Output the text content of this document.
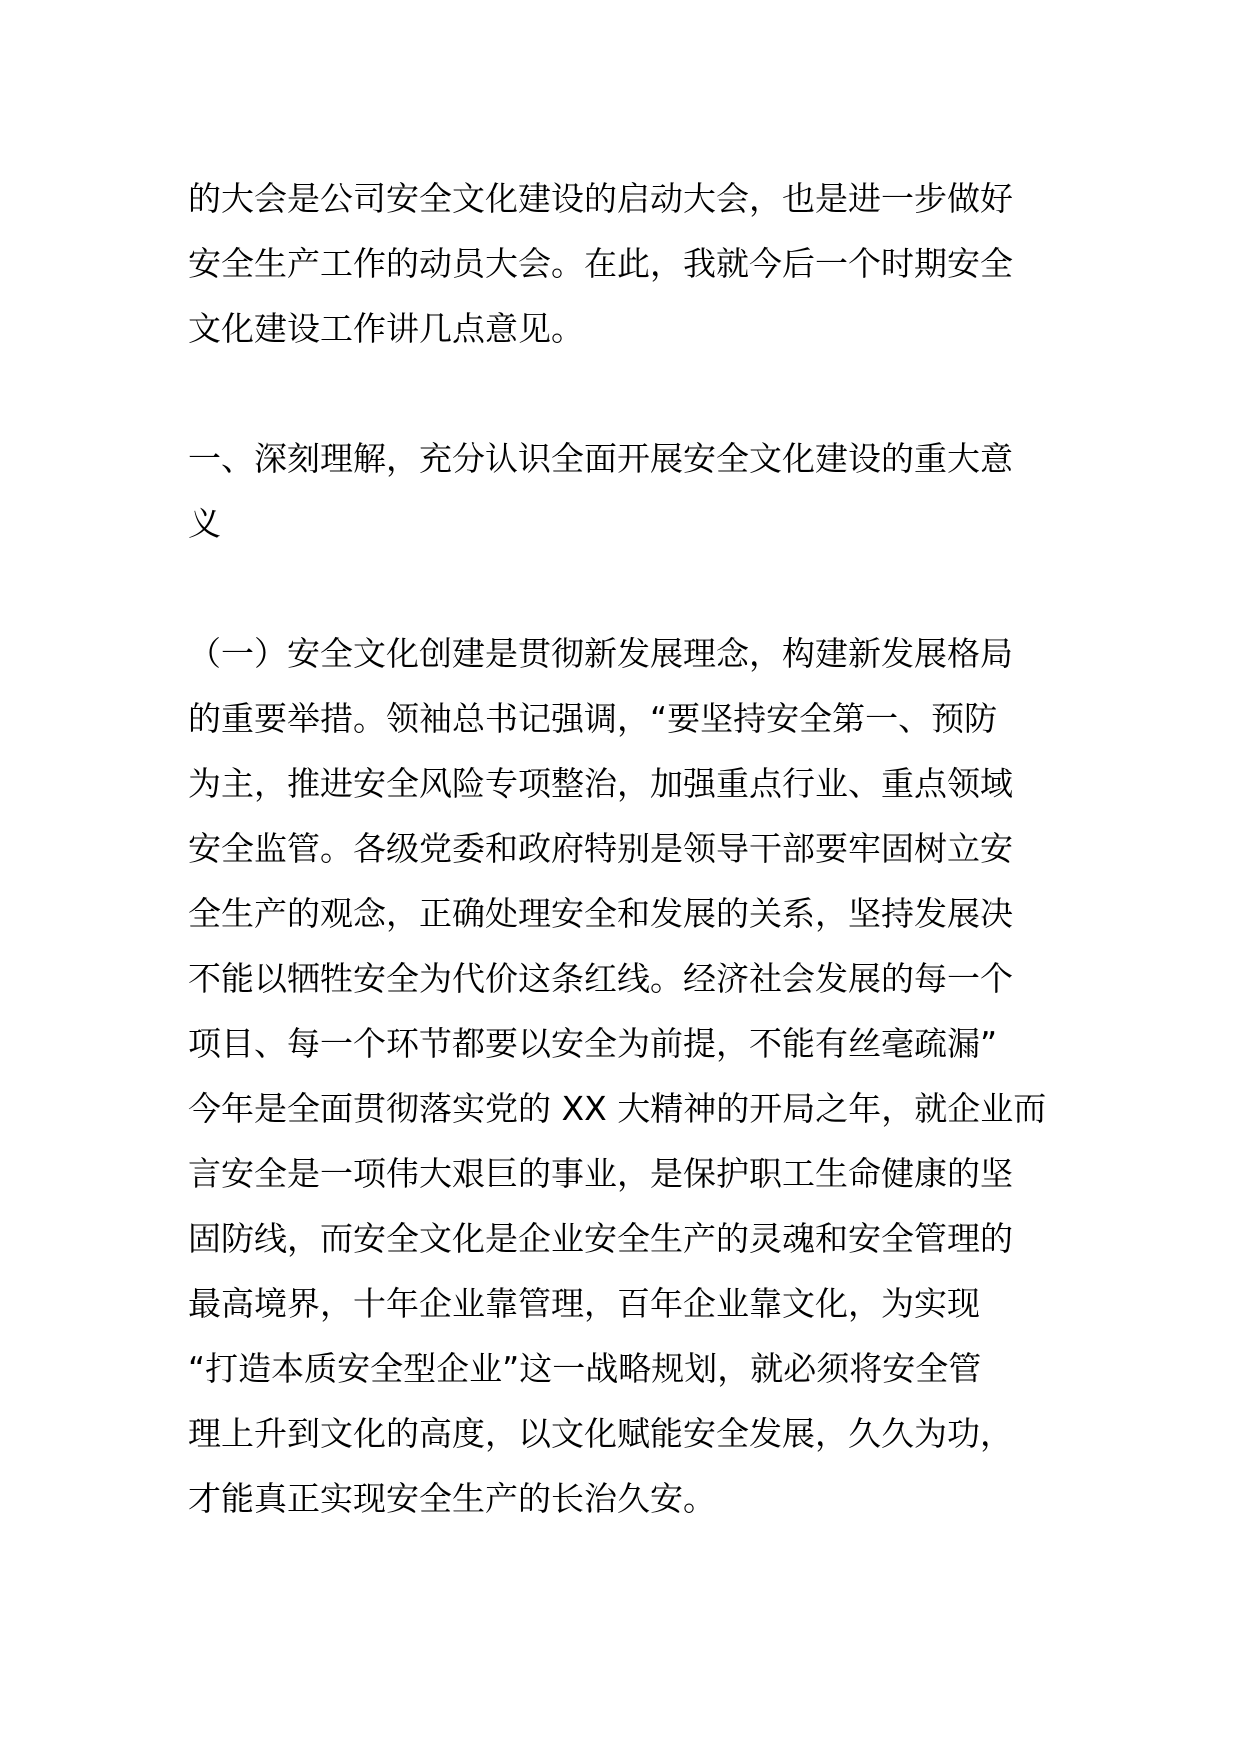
的大会是公司安全文化建设的启动大会，也是进一步做好
安全生产工作的动员大会。在此，我就今后一个时期安全
文化建设工作讲几点意见。
一、深刻理解，充分认识全面开展安全文化建设的重大意
义
（一）安全文化创建是贯彻新发展理念，构建新发展格局
的重要举措。领袖总书记强调，“要坚持安全第一、预防
为主，推进安全风险专项整治，加强重点行业、重点领域
安全监管。各级党委和政府特别是领导干部要牢固树立安
全生产的观念，正确处理安全和发展的关系，坚持发展决
不能以牺牲安全为代价这条红线。经济社会发展的每一个
项目、每一个环节都要以安全为前提，不能有丝毫疏漏”
今年是全面贯彻落实党的 XX 大精神的开局之年，就企业而
言安全是一项伟大艰巨的事业，是保护职工生命健康的坚
固防线，而安全文化是企业安全生产的灵魂和安全管理的
最高境界，十年企业靠管理，百年企业靠文化，为实现
“打造本质安全型企业”这一战略规划，就必须将安全管
理上升到文化的高度，以文化赋能安全发展，久久为功，
才能真正实现安全生产的长治久安。
